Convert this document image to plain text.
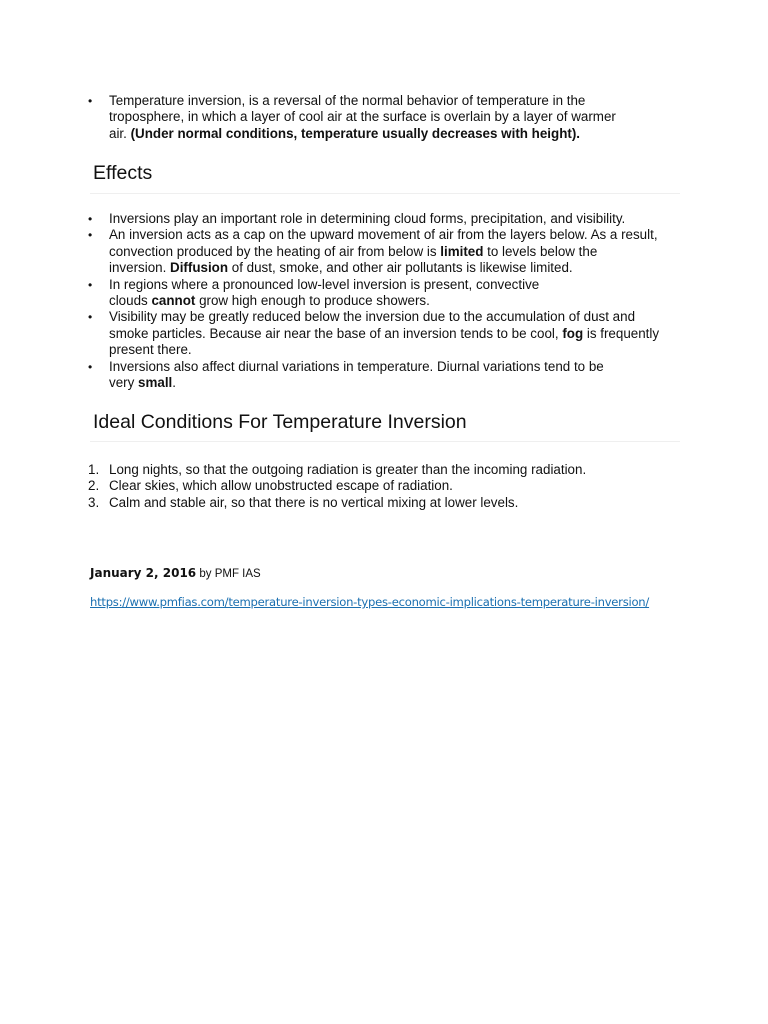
• Temperature inversion, is a reversal of the normal behavior of temperature in the
troposphere, in which a layer of cool air at the surface is overlain by a layer of warmer
air. (Under normal conditions, temperature usually decreases with height).
Effects
• Inversions play an important role in determining cloud forms, precipitation, and visibility.
• An inversion acts as a cap on the upward movement of air from the layers below. As a result,
convection produced by the heating of air from below is limited to levels below the
inversion. Diffusion of dust, smoke, and other air pollutants is likewise limited.
• In regions where a pronounced low-level inversion is present, convective
clouds cannot grow high enough to produce showers.
• Visibility may be greatly reduced below the inversion due to the accumulation of dust and
smoke particles. Because air near the base of an inversion tends to be cool, fog is frequently
present there.
• Inversions also affect diurnal variations in temperature. Diurnal variations tend to be
very small.
Ideal Conditions For Temperature Inversion
1. Long nights, so that the outgoing radiation is greater than the incoming radiation.
2. Clear skies, which allow unobstructed escape of radiation.
3. Calm and stable air, so that there is no vertical mixing at lower levels.
January 2, 2016 by PMF IAS
https://www.pmfias.com/temperature-inversion-types-economic-implications-temperature-inversion/
